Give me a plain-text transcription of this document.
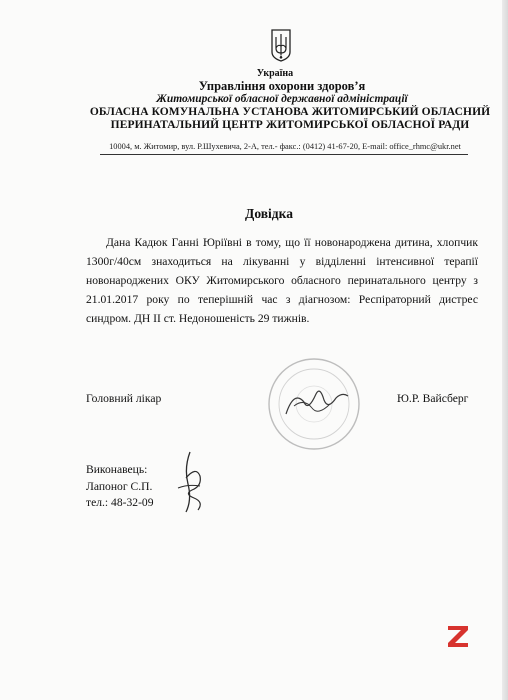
Україна
Управління охорони здоров’я
Житомирської обласної державної адміністрації
ОБЛАСНА КОМУНАЛЬНА УСТАНОВА ЖИТОМИРСЬКИЙ ОБЛАСНИЙ
ПЕРИНАТАЛЬНИЙ ЦЕНТР ЖИТОМИРСЬКОЇ ОБЛАСНОЇ РАДИ
10004, м. Житомир, вул. Р.Шухевича, 2-А, тел.- факс.: (0412) 41-67-20, E-mail: office_rhmc@ukr.net
Довідка
Дана Кадюк Ганні Юріївні в тому, що її новонароджена дитина, хлопчик 1300г/40см знаходиться на лікуванні у відділенні інтенсивної терапії новонароджених ОКУ Житомирського обласного перинатального центру з 21.01.2017 року по теперішній час з діагнозом: Респіраторний дистрес синдром. ДН ІІ ст. Недоношеність 29 тижнів.
Головний лікар	Ю.Р. Вайсберг
Виконавець:
Лапоног С.П.
тел.: 48-32-09
